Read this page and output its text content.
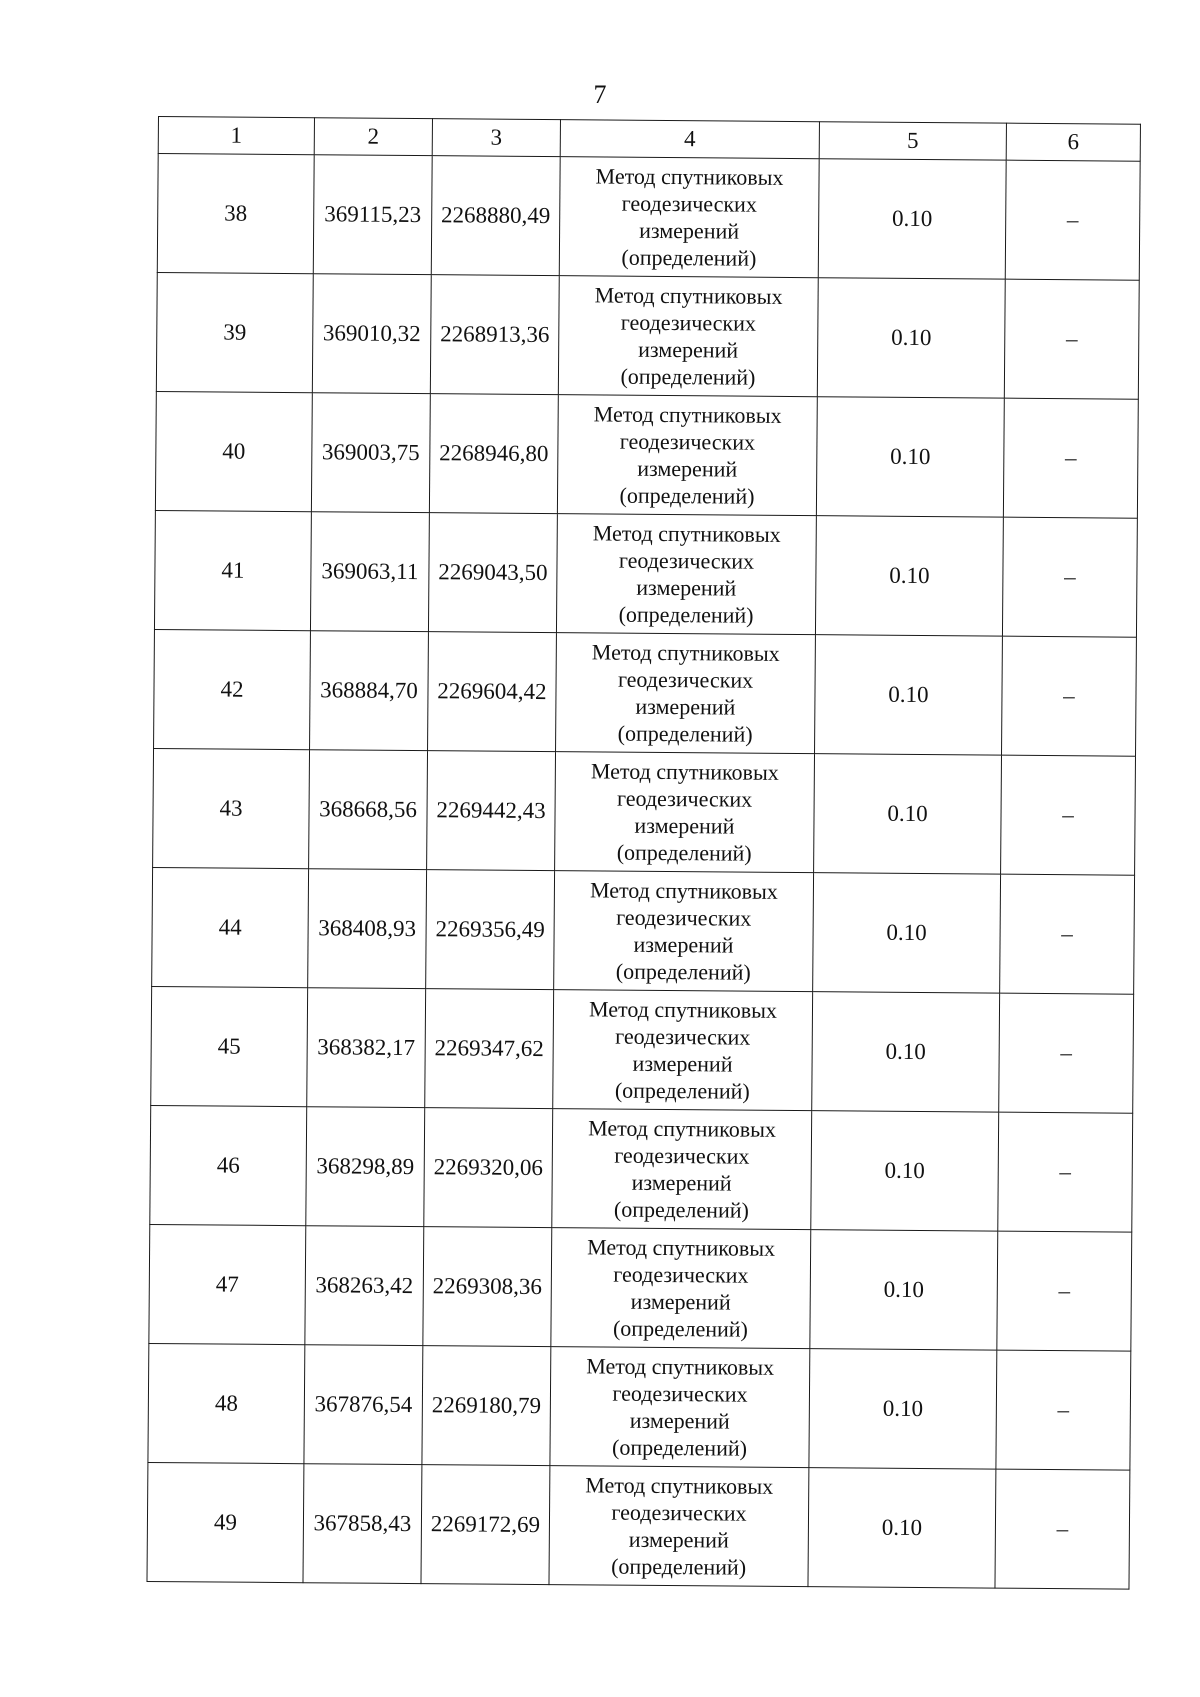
7
1	2	3	4	5	6
38	369115,23	2268880,49	Метод спутниковых
геодезических
измерений
(определений)	0.10	–
39	369010,32	2268913,36	Метод спутниковых
геодезических
измерений
(определений)	0.10	–
40	369003,75	2268946,80	Метод спутниковых
геодезических
измерений
(определений)	0.10	–
41	369063,11	2269043,50	Метод спутниковых
геодезических
измерений
(определений)	0.10	–
42	368884,70	2269604,42	Метод спутниковых
геодезических
измерений
(определений)	0.10	–
43	368668,56	2269442,43	Метод спутниковых
геодезических
измерений
(определений)	0.10	–
44	368408,93	2269356,49	Метод спутниковых
геодезических
измерений
(определений)	0.10	–
45	368382,17	2269347,62	Метод спутниковых
геодезических
измерений
(определений)	0.10	–
46	368298,89	2269320,06	Метод спутниковых
геодезических
измерений
(определений)	0.10	–
47	368263,42	2269308,36	Метод спутниковых
геодезических
измерений
(определений)	0.10	–
48	367876,54	2269180,79	Метод спутниковых
геодезических
измерений
(определений)	0.10	–
49	367858,43	2269172,69	Метод спутниковых
геодезических
измерений
(определений)	0.10	–
